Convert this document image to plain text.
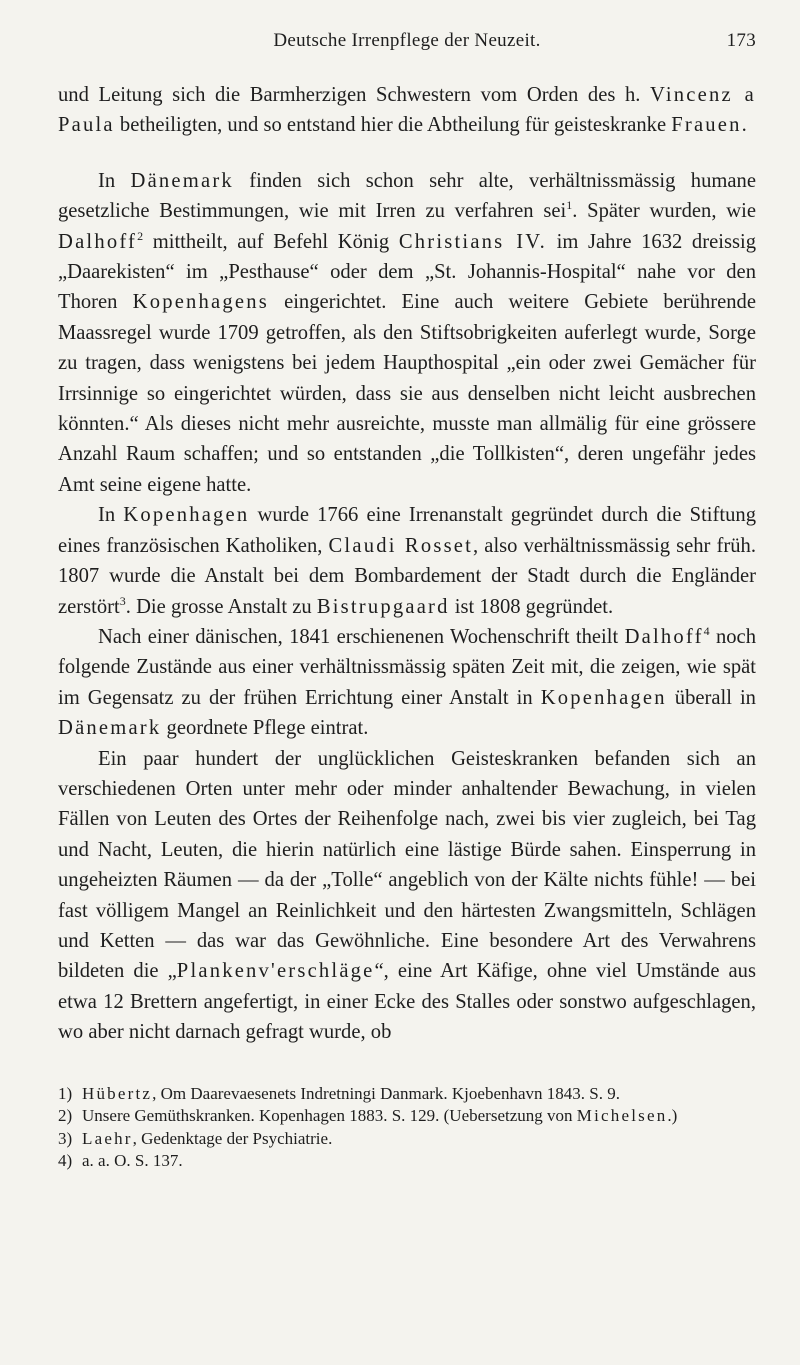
Deutsche Irrenpflege der Neuzeit.	173

und Leitung sich die Barmherzigen Schwestern vom Orden des h. Vincenz a Paula betheiligten, und so entstand hier die Abtheilung für geisteskranke Frauen.

In Dänemark finden sich schon sehr alte, verhältnissmässig humane gesetzliche Bestimmungen, wie mit Irren zu verfahren sei$^1$. Später wurden, wie Dalhoff$^2$ mittheilt, auf Befehl König Christians IV. im Jahre 1632 dreissig „Daarekisten“ im „Pesthause“ oder dem „St. Johannis-Hospital“ nahe vor den Thoren Kopenhagens eingerichtet. Eine auch weitere Gebiete berührende Maassregel wurde 1709 getroffen, als den Stiftsobrigkeiten auferlegt wurde, Sorge zu tragen, dass wenigstens bei jedem Haupthospital „ein oder zwei Gemächer für Irrsinnige so eingerichtet würden, dass sie aus denselben nicht leicht ausbrechen könnten.“ Als dieses nicht mehr ausreichte, musste man allmälig für eine grössere Anzahl Raum schaffen; und so entstanden „die Tollkisten“, deren ungefähr jedes Amt seine eigene hatte.

In Kopenhagen wurde 1766 eine Irrenanstalt gegründet durch die Stiftung eines französischen Katholiken, Claudi Rosset, also verhältnissmässig sehr früh. 1807 wurde die Anstalt bei dem Bombardement der Stadt durch die Engländer zerstört$^3$. Die grosse Anstalt zu Bistrupgaard ist 1808 gegründet.

Nach einer dänischen, 1841 erschienenen Wochenschrift theilt Dalhoff$^4$ noch folgende Zustände aus einer verhältnissmässig späten Zeit mit, die zeigen, wie spät im Gegensatz zu der frühen Errichtung einer Anstalt in Kopenhagen überall in Dänemark geordnete Pflege eintrat.

Ein paar hundert der unglücklichen Geisteskranken befanden sich an verschiedenen Orten unter mehr oder minder anhaltender Bewachung, in vielen Fällen von Leuten des Ortes der Reihenfolge nach, zwei bis vier zugleich, bei Tag und Nacht, Leuten, die hierin natürlich eine lästige Bürde sahen. Einsperrung in ungeheizten Räumen — da der „Tolle“ angeblich von der Kälte nichts fühle! — bei fast völligem Mangel an Reinlichkeit und den härtesten Zwangsmitteln, Schlägen und Ketten — das war das Gewöhnliche. Eine besondere Art des Verwahrens bildeten die „Plankenv'erschläge“, eine Art Käfige, ohne viel Umstände aus etwa 12 Brettern angefertigt, in einer Ecke des Stalles oder sonstwo aufgeschlagen, wo aber nicht darnach gefragt wurde, ob

1) Hübertz, Om Daarevaesenets Indretningi Danmark. Kjoebenhavn 1843. S. 9.

2) Unsere Gemüthskranken. Kopenhagen 1883. S. 129. (Uebersetzung von Michelsen.)

3) Laehr, Gedenktage der Psychiatrie.

4) a. a. O. S. 137.
